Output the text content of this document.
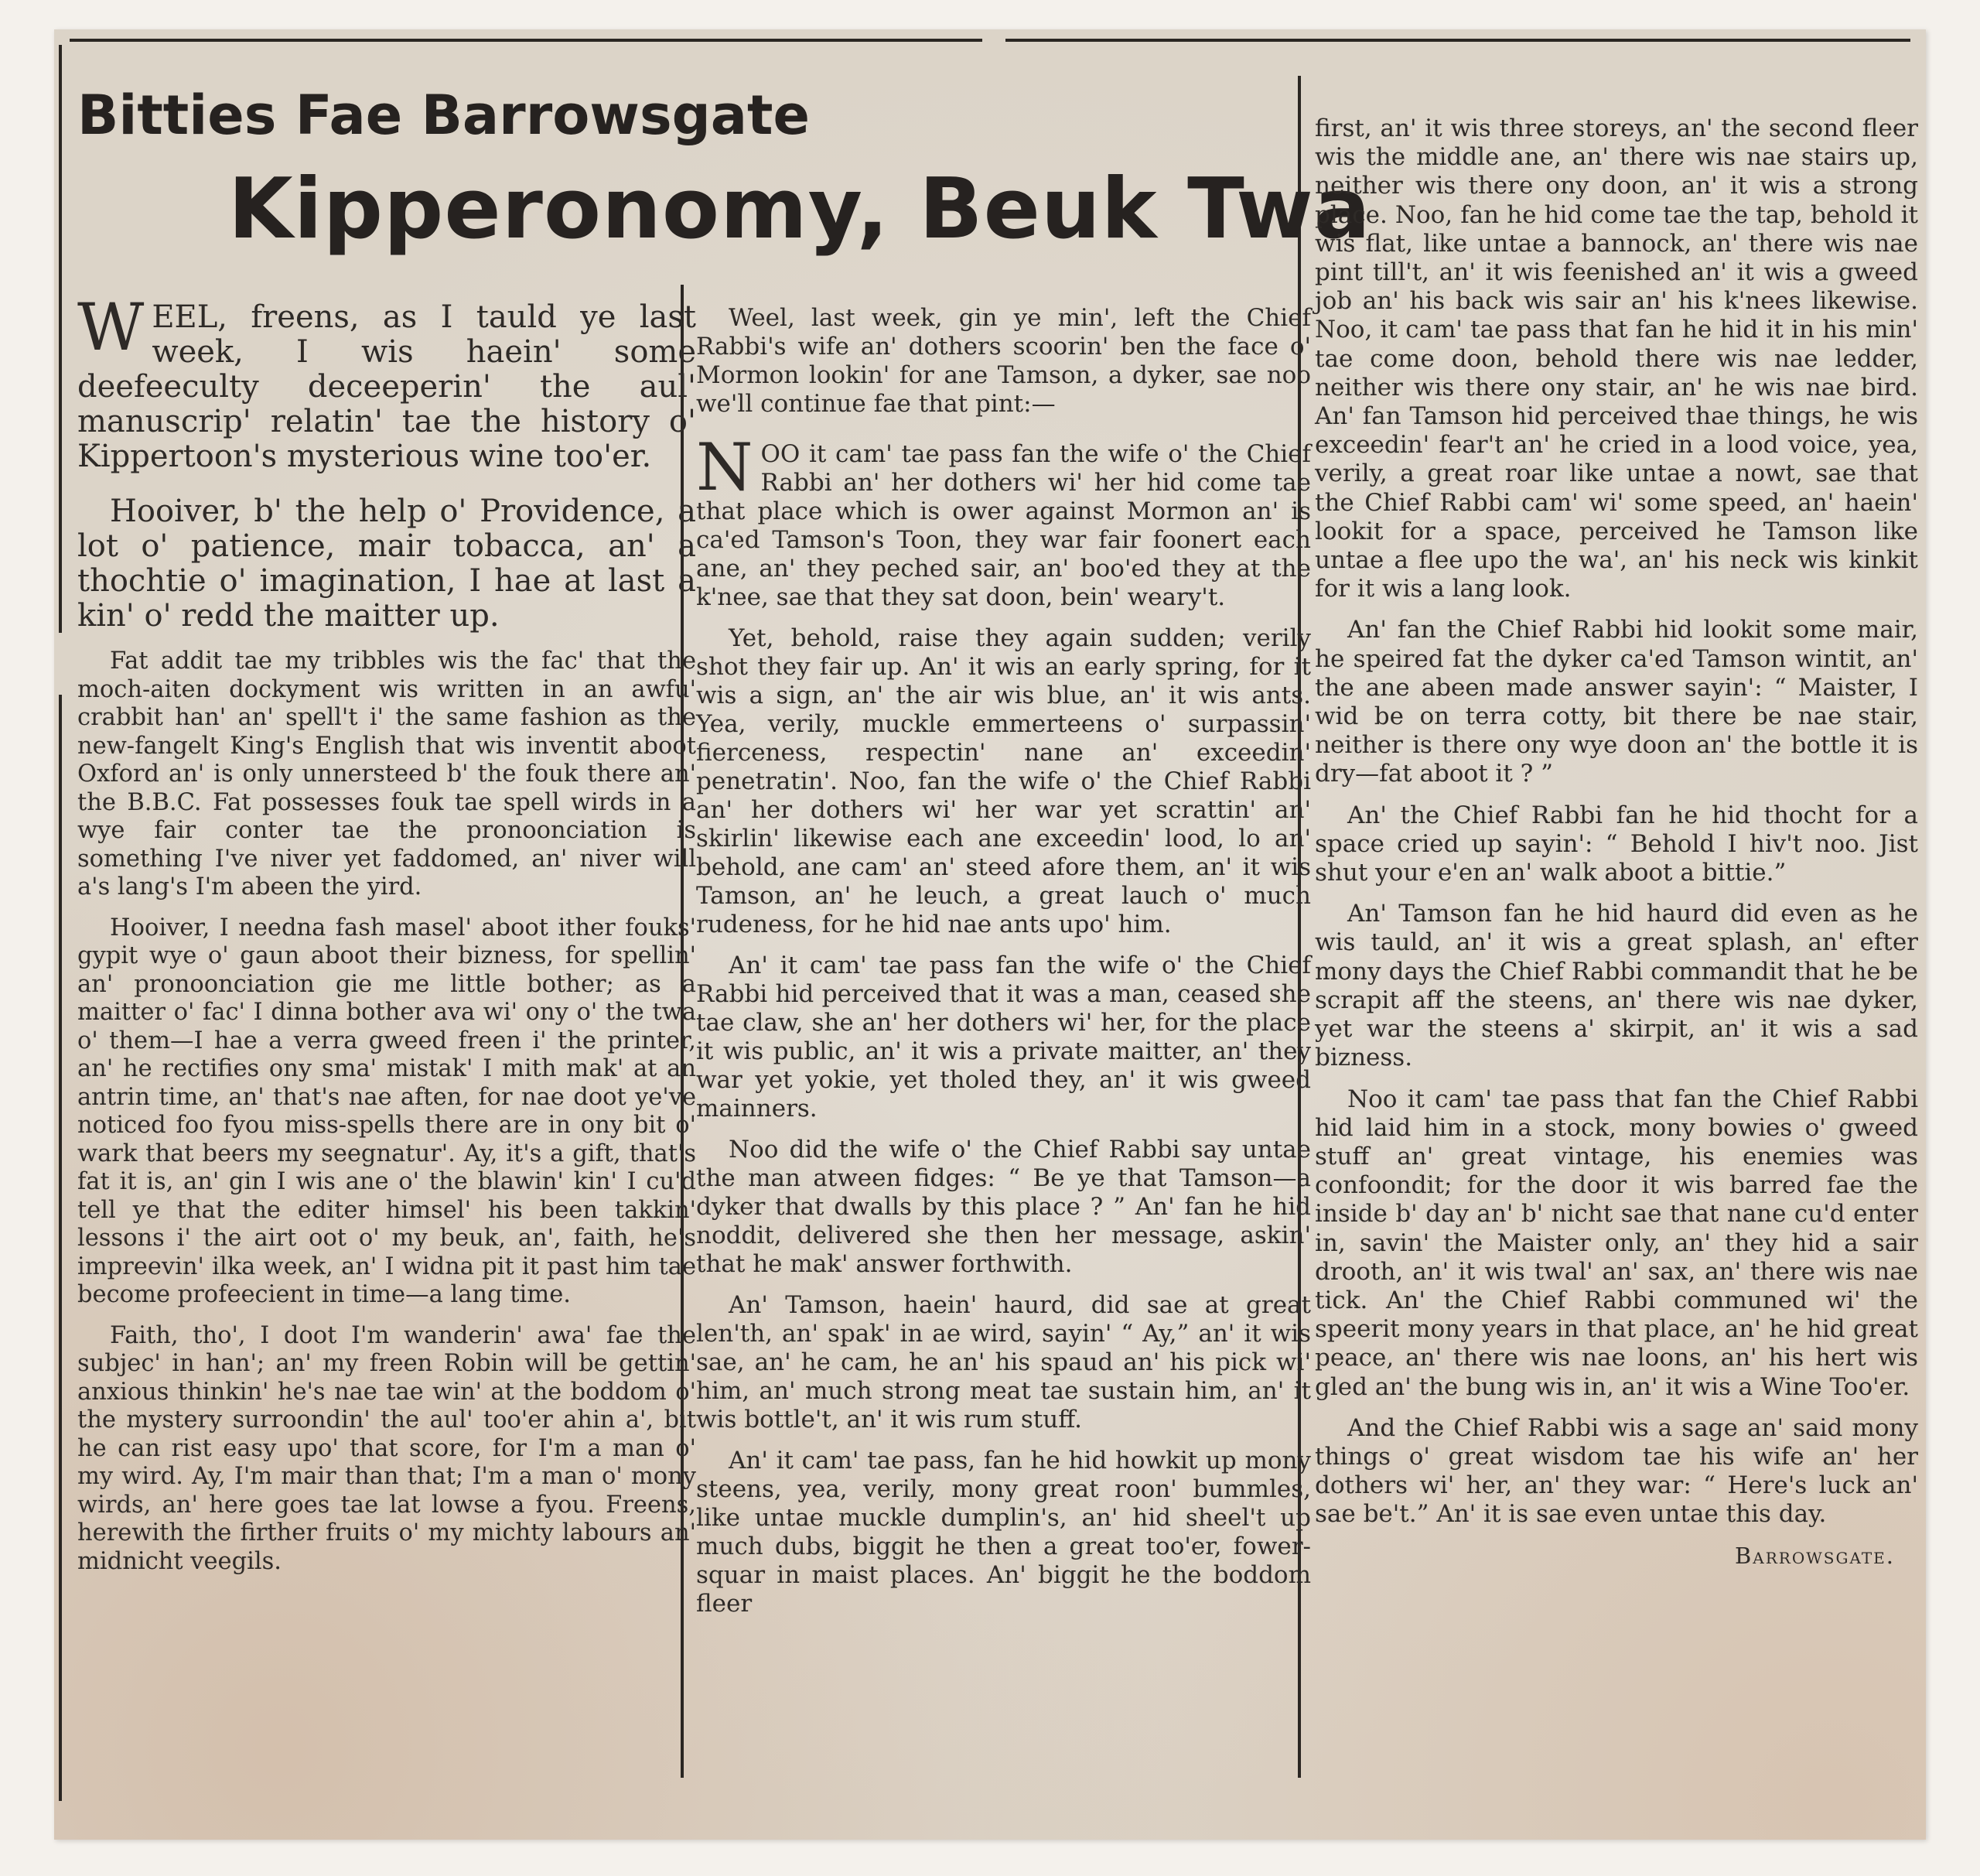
Bitties Fae Barrowsgate
Kipperonomy, Beuk Twa

WEEL, freens, as I tauld ye last week, I wis haein' some deefeeculty deceeperin' the aul' manuscrip' relatin' tae the history o' Kippertoon's mysterious wine too'er.

Hooiver, b' the help o' Providence, a lot o' patience, mair tobacca, an' a thochtie o' imagination, I hae at last a kin' o' redd the maitter up.

Fat addit tae my tribbles wis the fac' that the moch-aiten dockyment wis written in an awfu' crabbit han' an' spell't i' the same fashion as the new-fangelt King's English that wis inventit aboot Oxford an' is only unnersteed b' the fouk there an' the B.B.C. Fat possesses fouk tae spell wirds in a wye fair conter tae the pronoonciation is something I've niver yet faddomed, an' niver will a's lang's I'm abeen the yird.

Hooiver, I needna fash masel' aboot ither fouks' gypit wye o' gaun aboot their bizness, for spellin' an' pronoonciation gie me little bother; as a maitter o' fac' I dinna bother ava wi' ony o' the twa o' them—I hae a verra gweed freen i' the printer, an' he rectifies ony sma' mistak' I mith mak' at an antrin time, an' that's nae aften, for nae doot ye've noticed foo fyou miss-spells there are in ony bit o' wark that beers my seegnatur'. Ay, it's a gift, that's fat it is, an' gin I wis ane o' the blawin' kin' I cu'd tell ye that the editer himsel' his been takkin' lessons i' the airt oot o' my beuk, an', faith, he's impreevin' ilka week, an' I widna pit it past him tae become profeecient in time—a lang time.

Faith, tho', I doot I'm wanderin' awa' fae the subjec' in han'; an' my freen Robin will be gettin' anxious thinkin' he's nae tae win' at the boddom o' the mystery surroondin' the aul' too'er ahin a', bit he can rist easy upo' that score, for I'm a man o' my wird. Ay, I'm mair than that; I'm a man o' mony wirds, an' here goes tae lat lowse a fyou. Freens, herewith the firther fruits o' my michty labours an' midnicht veegils.

Weel, last week, gin ye min', left the Chief Rabbi's wife an' dothers scoorin' ben the face o' Mormon lookin' for ane Tamson, a dyker, sae noo we'll continue fae that pint:—

NOO it cam' tae pass fan the wife o' the Chief Rabbi an' her dothers wi' her hid come tae that place which is ower against Mormon an' is ca'ed Tamson's Toon, they war fair foonert each ane, an' they peched sair, an' boo'ed they at the k'nee, sae that they sat doon, bein' weary't.

Yet, behold, raise they again sudden; verily shot they fair up. An' it wis an early spring, for it wis a sign, an' the air wis blue, an' it wis ants. Yea, verily, muckle emmerteens o' surpassin' fierceness, respectin' nane an' exceedin' penetratin'. Noo, fan the wife o' the Chief Rabbi an' her dothers wi' her war yet scrattin' an' skirlin' likewise each ane exceedin' lood, lo an' behold, ane cam' an' steed afore them, an' it wis Tamson, an' he leuch, a great lauch o' much rudeness, for he hid nae ants upo' him.

An' it cam' tae pass fan the wife o' the Chief Rabbi hid perceived that it was a man, ceased she tae claw, she an' her dothers wi' her, for the place it wis public, an' it wis a private maitter, an' they war yet yokie, yet tholed they, an' it wis gweed mainners.

Noo did the wife o' the Chief Rabbi say untae the man atween fidges: “ Be ye that Tamson—a dyker that dwalls by this place ? ” An' fan he hid noddit, delivered she then her message, askin' that he mak' answer forthwith.

An' Tamson, haein' haurd, did sae at great len'th, an' spak' in ae wird, sayin' “ Ay,” an' it wis sae, an' he cam, he an' his spaud an' his pick wi' him, an' much strong meat tae sustain him, an' it wis bottle't, an' it wis rum stuff.

An' it cam' tae pass, fan he hid howkit up mony steens, yea, verily, mony great roon' bummles, like untae muckle dumplin's, an' hid sheel't up much dubs, biggit he then a great too'er, fower-squar in maist places. An' biggit he the boddom fleer

first, an' it wis three storeys, an' the second fleer wis the middle ane, an' there wis nae stairs up, neither wis there ony doon, an' it wis a strong place. Noo, fan he hid come tae the tap, behold it wis flat, like untae a bannock, an' there wis nae pint till't, an' it wis feenished an' it wis a gweed job an' his back wis sair an' his k'nees likewise. Noo, it cam' tae pass that fan he hid it in his min' tae come doon, behold there wis nae ledder, neither wis there ony stair, an' he wis nae bird. An' fan Tamson hid perceived thae things, he wis exceedin' fear't an' he cried in a lood voice, yea, verily, a great roar like untae a nowt, sae that the Chief Rabbi cam' wi' some speed, an' haein' lookit for a space, perceived he Tamson like untae a flee upo the wa', an' his neck wis kinkit for it wis a lang look.

An' fan the Chief Rabbi hid lookit some mair, he speired fat the dyker ca'ed Tamson wintit, an' the ane abeen made answer sayin': “ Maister, I wid be on terra cotty, bit there be nae stair, neither is there ony wye doon an' the bottle it is dry—fat aboot it ? ”

An' the Chief Rabbi fan he hid thocht for a space cried up sayin': “ Behold I hiv't noo. Jist shut your e'en an' walk aboot a bittie.”

An' Tamson fan he hid haurd did even as he wis tauld, an' it wis a great splash, an' efter mony days the Chief Rabbi commandit that he be scrapit aff the steens, an' there wis nae dyker, yet war the steens a' skirpit, an' it wis a sad bizness.

Noo it cam' tae pass that fan the Chief Rabbi hid laid him in a stock, mony bowies o' gweed stuff an' great vintage, his enemies was confoondit; for the door it wis barred fae the inside b' day an' b' nicht sae that nane cu'd enter in, savin' the Maister only, an' they hid a sair drooth, an' it wis twal' an' sax, an' there wis nae tick. An' the Chief Rabbi communed wi' the speerit mony years in that place, an' he hid great peace, an' there wis nae loons, an' his hert wis gled an' the bung wis in, an' it wis a Wine Too'er.

And the Chief Rabbi wis a sage an' said mony things o' great wisdom tae his wife an' her dothers wi' her, an' they war: “ Here's luck an' sae be't.” An' it is sae even untae this day.

Barrowsgate.
